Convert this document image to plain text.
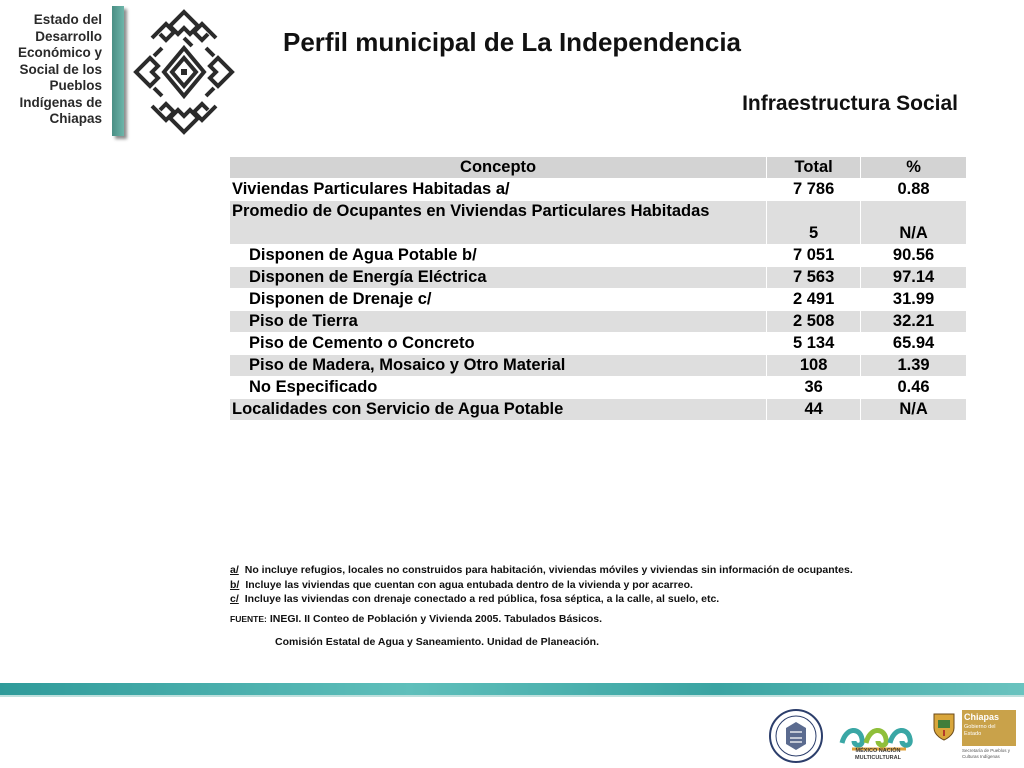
Estado del
Desarrollo
Económico y
Social de los
Pueblos
Indígenas de
Chiapas
Perfil municipal de La Independencia
Infraestructura Social
Concepto	Total	%
Viviendas Particulares Habitadas a/	7 786	0.88
Promedio de Ocupantes en Viviendas Particulares Habitadas	5	N/A
Disponen de Agua Potable b/	7 051	90.56
Disponen de Energía Eléctrica	7 563	97.14
Disponen de Drenaje c/	2 491	31.99
Piso de Tierra	2 508	32.21
Piso de Cemento o Concreto	5 134	65.94
Piso de Madera, Mosaico y Otro Material	108	1.39
No Especificado	36	0.46
Localidades con Servicio de Agua Potable	44	N/A
a/ No incluye refugios, locales no construidos para habitación, viviendas móviles y viviendas sin información de ocupantes.
b/ Incluye las viviendas que cuentan con agua entubada dentro de la vivienda y por acarreo.
c/ Incluye las viviendas con drenaje conectado a red pública, fosa séptica, a la calle, al suelo, etc.
FUENTE: INEGI. II Conteo de Población y Vivienda 2005. Tabulados Básicos.
Comisión Estatal de Agua y Saneamiento. Unidad de Planeación.
MÉXICO NACIÓN MULTICULTURAL
Chiapas
Gobierno del Estado
Secretaría de Pueblos y Culturas Indígenas
